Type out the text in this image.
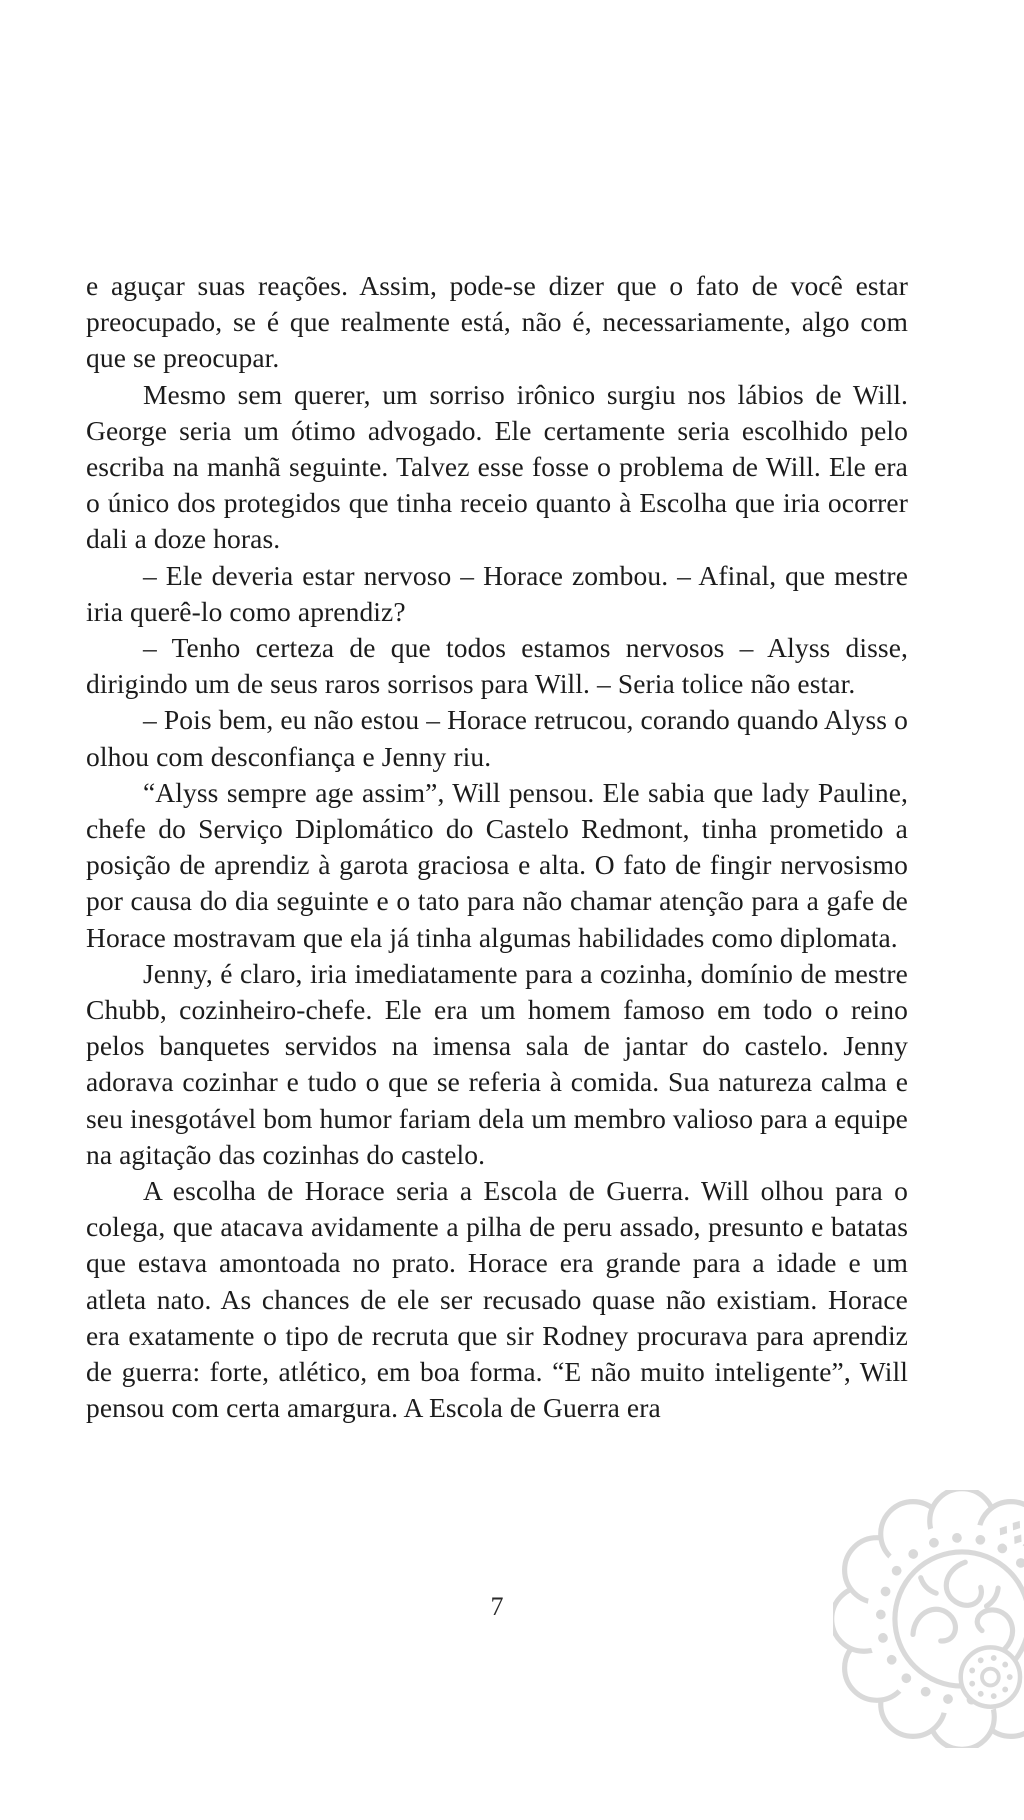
e aguçar suas reações. Assim, pode-se dizer que o fato de você estar preocupado, se é que realmente está, não é, necessariamente, algo com que se preocupar.

Mesmo sem querer, um sorriso irônico surgiu nos lábios de Will. George seria um ótimo advogado. Ele certamente seria escolhido pelo escriba na manhã seguinte. Talvez esse fosse o problema de Will. Ele era o único dos protegidos que tinha receio quanto à Escolha que iria ocorrer dali a doze horas.

– Ele deveria estar nervoso – Horace zombou. – Afinal, que mestre iria querê-lo como aprendiz?

– Tenho certeza de que todos estamos nervosos – Alyss disse, dirigindo um de seus raros sorrisos para Will. – Seria tolice não estar.

– Pois bem, eu não estou – Horace retrucou, corando quando Alyss o olhou com desconfiança e Jenny riu.

“Alyss sempre age assim”, Will pensou. Ele sabia que lady Pauline, chefe do Serviço Diplomático do Castelo Redmont, tinha prometido a posição de aprendiz à garota graciosa e alta. O fato de fingir nervosismo por causa do dia seguinte e o tato para não chamar atenção para a gafe de Horace mostravam que ela já tinha algumas habilidades como diplomata.

Jenny, é claro, iria imediatamente para a cozinha, domínio de mestre Chubb, cozinheiro-chefe. Ele era um homem famoso em todo o reino pelos banquetes servidos na imensa sala de jantar do castelo. Jenny adorava cozinhar e tudo o que se referia à comida. Sua natureza calma e seu inesgotável bom humor fariam dela um membro valioso para a equipe na agitação das cozinhas do castelo.

A escolha de Horace seria a Escola de Guerra. Will olhou para o colega, que atacava avidamente a pilha de peru assado, presunto e batatas que estava amontoada no prato. Horace era grande para a idade e um atleta nato. As chances de ele ser recusado quase não existiam. Horace era exatamente o tipo de recruta que sir Rodney procurava para aprendiz de guerra: forte, atlético, em boa forma. “E não muito inteligente”, Will pensou com certa amargura. A Escola de Guerra era

7
